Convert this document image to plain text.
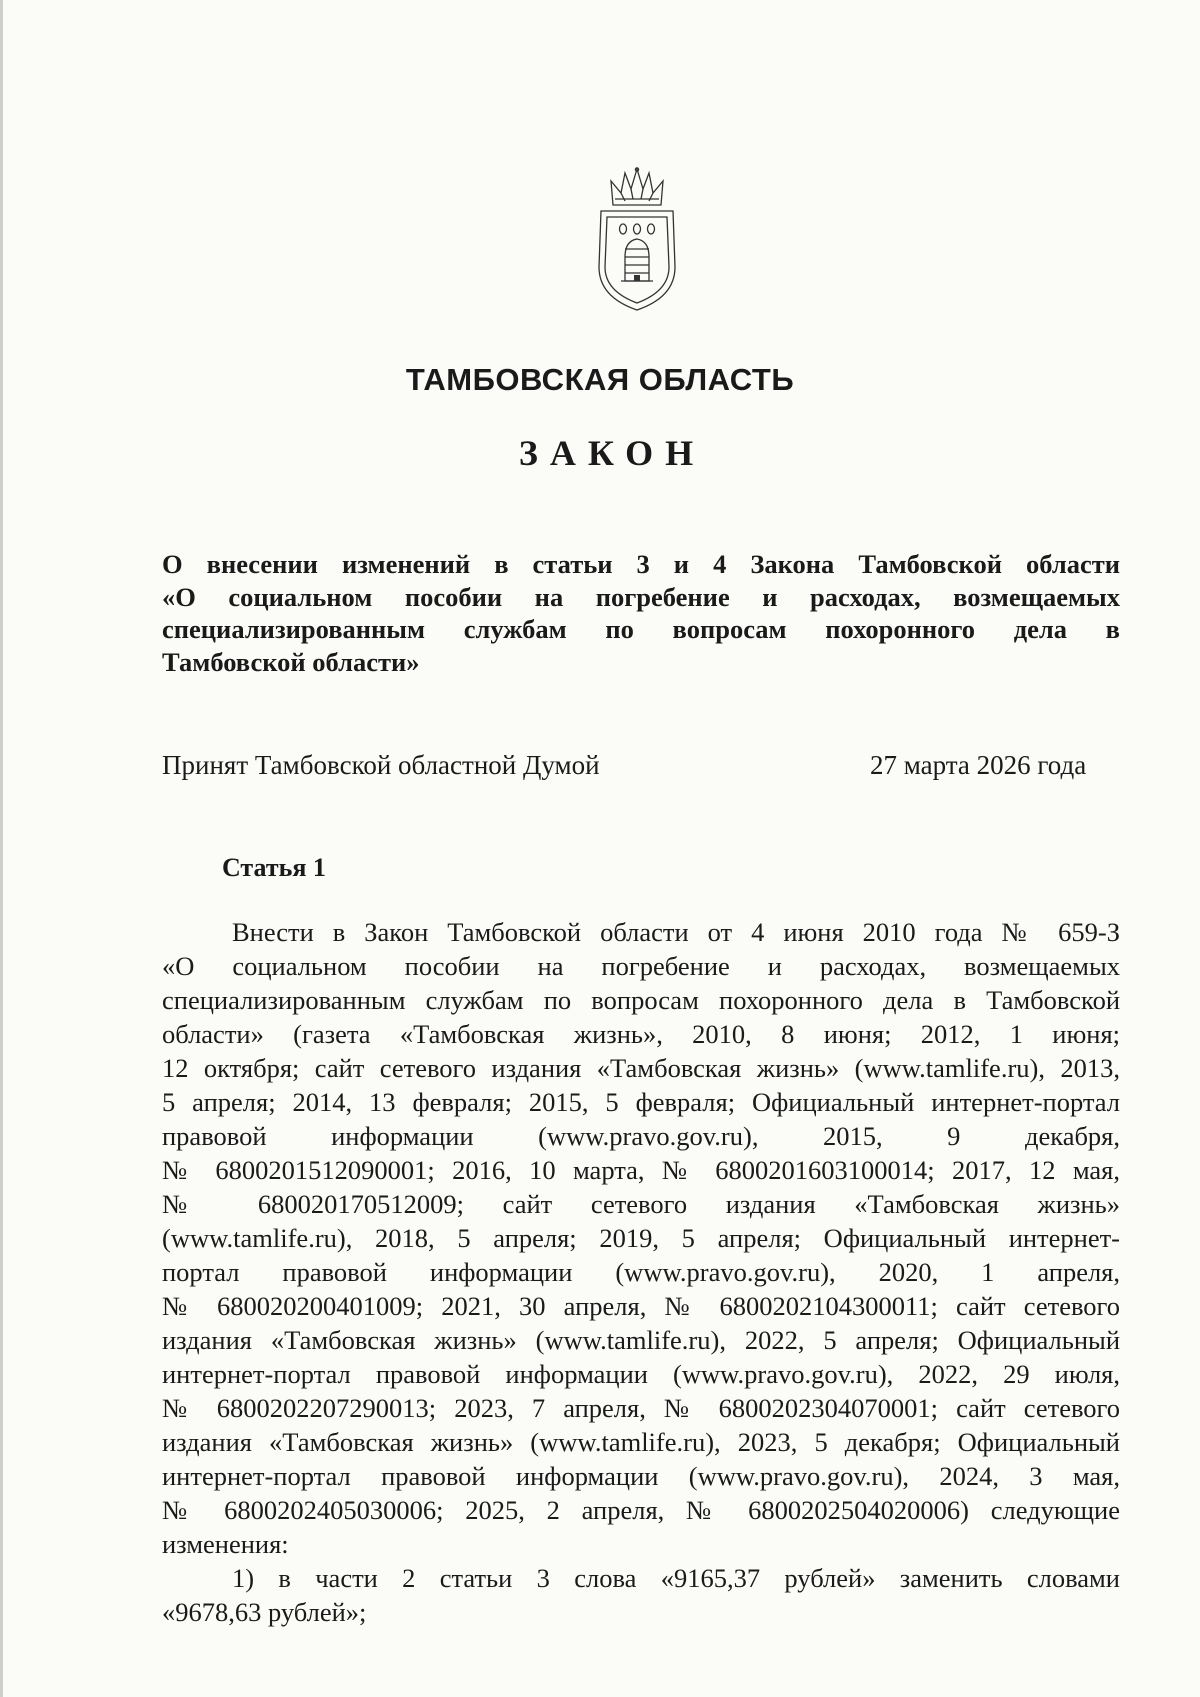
ТАМБОВСКАЯ ОБЛАСТЬ
ЗАКОН
О внесении изменений в статьи 3 и 4 Закона Тамбовской области
«О социальном пособии на погребение и расходах, возмещаемых
специализированным службам по вопросам похоронного дела в
Тамбовской области»
Принят Тамбовской областной Думой	27 марта 2026 года
Статья 1
Внести в Закон Тамбовской области от 4 июня 2010 года № 659-З
«О социальном пособии на погребение и расходах, возмещаемых
специализированным службам по вопросам похоронного дела в Тамбовской
области» (газета «Тамбовская жизнь», 2010, 8 июня; 2012, 1 июня;
12 октября; сайт сетевого издания «Тамбовская жизнь» (www.tamlife.ru), 2013,
5 апреля; 2014, 13 февраля; 2015, 5 февраля; Официальный интернет-портал
правовой информации (www.pravo.gov.ru), 2015, 9 декабря,
№ 6800201512090001; 2016, 10 марта, № 6800201603100014; 2017, 12 мая,
№ 680020170512009; сайт сетевого издания «Тамбовская жизнь»
(www.tamlife.ru), 2018, 5 апреля; 2019, 5 апреля; Официальный интернет-
портал правовой информации (www.pravo.gov.ru), 2020, 1 апреля,
№ 680020200401009; 2021, 30 апреля, № 6800202104300011; сайт сетевого
издания «Тамбовская жизнь» (www.tamlife.ru), 2022, 5 апреля; Официальный
интернет-портал правовой информации (www.pravo.gov.ru), 2022, 29 июля,
№ 6800202207290013; 2023, 7 апреля, № 6800202304070001; сайт сетевого
издания «Тамбовская жизнь» (www.tamlife.ru), 2023, 5 декабря; Официальный
интернет-портал правовой информации (www.pravo.gov.ru), 2024, 3 мая,
№ 6800202405030006; 2025, 2 апреля, № 6800202504020006) следующие
изменения:
1) в части 2 статьи 3 слова «9165,37 рублей» заменить словами
«9678,63 рублей»;
